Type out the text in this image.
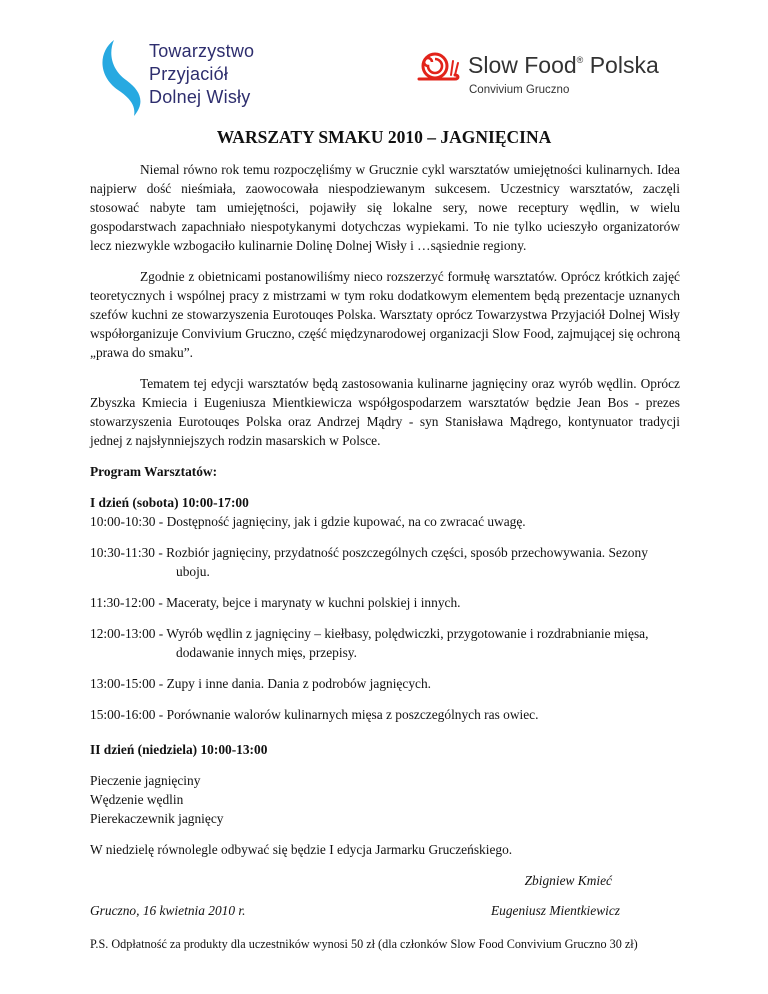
Towarzystwo
Przyjaciół
Dolnej Wisły
Slow Food® Polska
Convivium Gruczno
WARSZATY SMAKU 2010 – JAGNIĘCINA

Niemal równo rok temu rozpoczęliśmy w Grucznie cykl warsztatów umiejętności kulinarnych. Idea najpierw dość nieśmiała, zaowocowała niespodziewanym sukcesem. Uczestnicy warsztatów, zaczęli stosować nabyte tam umiejętności, pojawiły się lokalne sery, nowe receptury wędlin, w wielu gospodarstwach zapachniało niespotykanymi dotychczas wypiekami. To nie tylko ucieszyło organizatorów lecz niezwykle wzbogaciło kulinarnie Dolinę Dolnej Wisły i …sąsiednie regiony.

Zgodnie z obietnicami postanowiliśmy nieco rozszerzyć formułę warsztatów. Oprócz krótkich zajęć teoretycznych i wspólnej pracy z mistrzami w tym roku dodatkowym elementem będą prezentacje uznanych szefów kuchni ze stowarzyszenia Eurotouqes Polska. Warsztaty oprócz Towarzystwa Przyjaciół Dolnej Wisły współorganizuje Convivium Gruczno, część międzynarodowej organizacji Slow Food, zajmującej się ochroną „prawa do smaku”.

Tematem tej edycji warsztatów będą zastosowania kulinarne jagnięciny oraz wyrób wędlin. Oprócz Zbyszka Kmiecia i Eugeniusza Mientkiewicza współgospodarzem warsztatów będzie Jean Bos - prezes stowarzyszenia Eurotouqes Polska oraz Andrzej Mądry - syn Stanisława Mądrego, kontynuator tradycji jednej z najsłynniejszych rodzin masarskich w Polsce.

Program Warsztatów:

I dzień (sobota) 10:00-17:00

10:00-10:30 - Dostępność jagnięciny, jak i gdzie kupować, na co zwracać uwagę.

10:30-11:30 - Rozbiór jagnięciny, przydatność poszczególnych części, sposób przechowywania. Sezony uboju.

11:30-12:00 - Maceraty, bejce i marynaty w kuchni polskiej i innych.

12:00-13:00 - Wyrób wędlin z jagnięciny – kiełbasy, polędwiczki, przygotowanie i rozdrabnianie mięsa, dodawanie innych mięs, przepisy.

13:00-15:00 - Zupy i inne dania. Dania z podrobów jagnięcych.

15:00-16:00 - Porównanie walorów kulinarnych mięsa z poszczególnych ras owiec.

II dzień (niedziela) 10:00-13:00

Pieczenie jagnięciny

Wędzenie wędlin

Pierekaczewnik jagnięcy

W niedzielę równolegle odbywać się będzie I edycja Jarmarku Gruczeńskiego.

Zbigniew Kmieć
Gruczno, 16 kwietnia 2010 r.	Eugeniusz Mientkiewicz

P.S. Odpłatność za produkty dla uczestników wynosi 50 zł (dla członków Slow Food Convivium Gruczno 30 zł)
